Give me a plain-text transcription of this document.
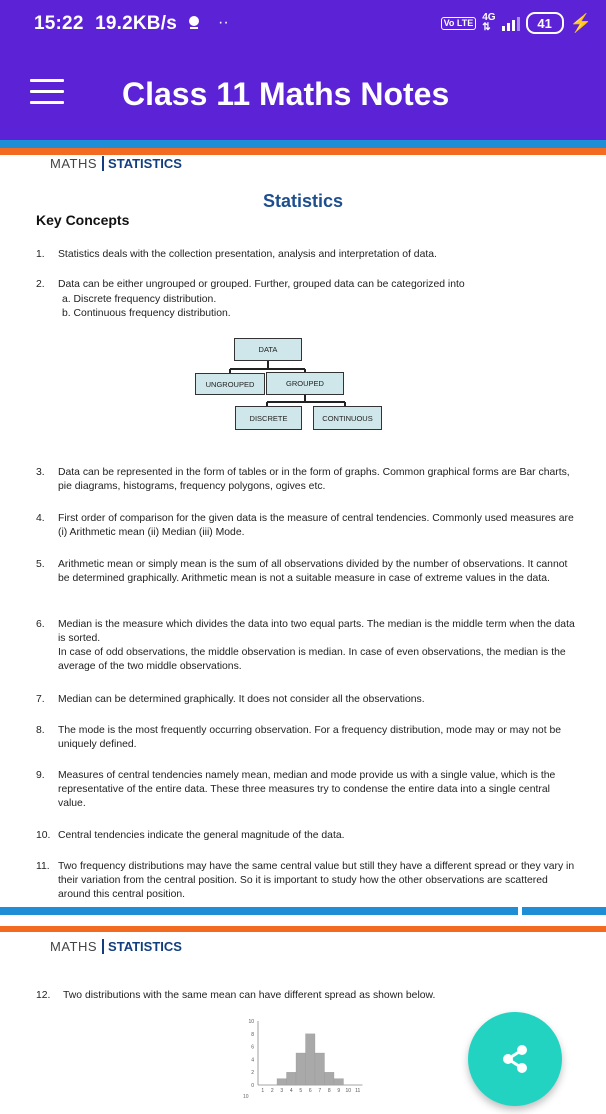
15:22 19.2KB/s	··	Vo LTE 4G
⇅	41 ⚡
Class 11 Maths Notes
MATHS STATISTICS
Statistics
Key Concepts
1.	Statistics deals with the collection presentation, analysis and interpretation of data.
2.	Data can be either ungrouped or grouped. Further, grouped data can be categorized into
a. Discrete frequency distribution.
b. Continuous frequency distribution.
DATA
UNGROUPED	GROUPED
DISCRETE	CONTINUOUS
3.	Data can be represented in the form of tables or in the form of graphs. Common graphical forms are Bar charts, pie diagrams, histograms, frequency polygons, ogives etc.
4.	First order of comparison for the given data is the measure of central tendencies. Commonly used measures are (i) Arithmetic mean (ii) Median (iii) Mode.
5.	Arithmetic mean or simply mean is the sum of all observations divided by the number of observations. It cannot be determined graphically. Arithmetic mean is not a suitable measure in case of extreme values in the data.
6.	Median is the measure which divides the data into two equal parts. The median is the middle term when the data is sorted.
In case of odd observations, the middle observation is median. In case of even observations, the median is the average of the two middle observations.
7.	Median can be determined graphically. It does not consider all the observations.
8.	The mode is the most frequently occurring observation. For a frequency distribution, mode may or may not be uniquely defined.
9.	Measures of central tendencies namely mean, median and mode provide us with a single value, which is the representative of the entire data. These three measures try to condense the entire data into a single central value.
10. Central tendencies indicate the general magnitude of the data.
11. Two frequency distributions may have the same central value but still they have a different spread or they vary in their variation from the central position. So it is important to study how the other observations are scattered around this central position.
MATHS STATISTICS
12.	Two distributions with the same mean can have different spread as shown below.
10
8
6
4
2
0
1 2 3 4 5 6 7 8 9 10 11
10
